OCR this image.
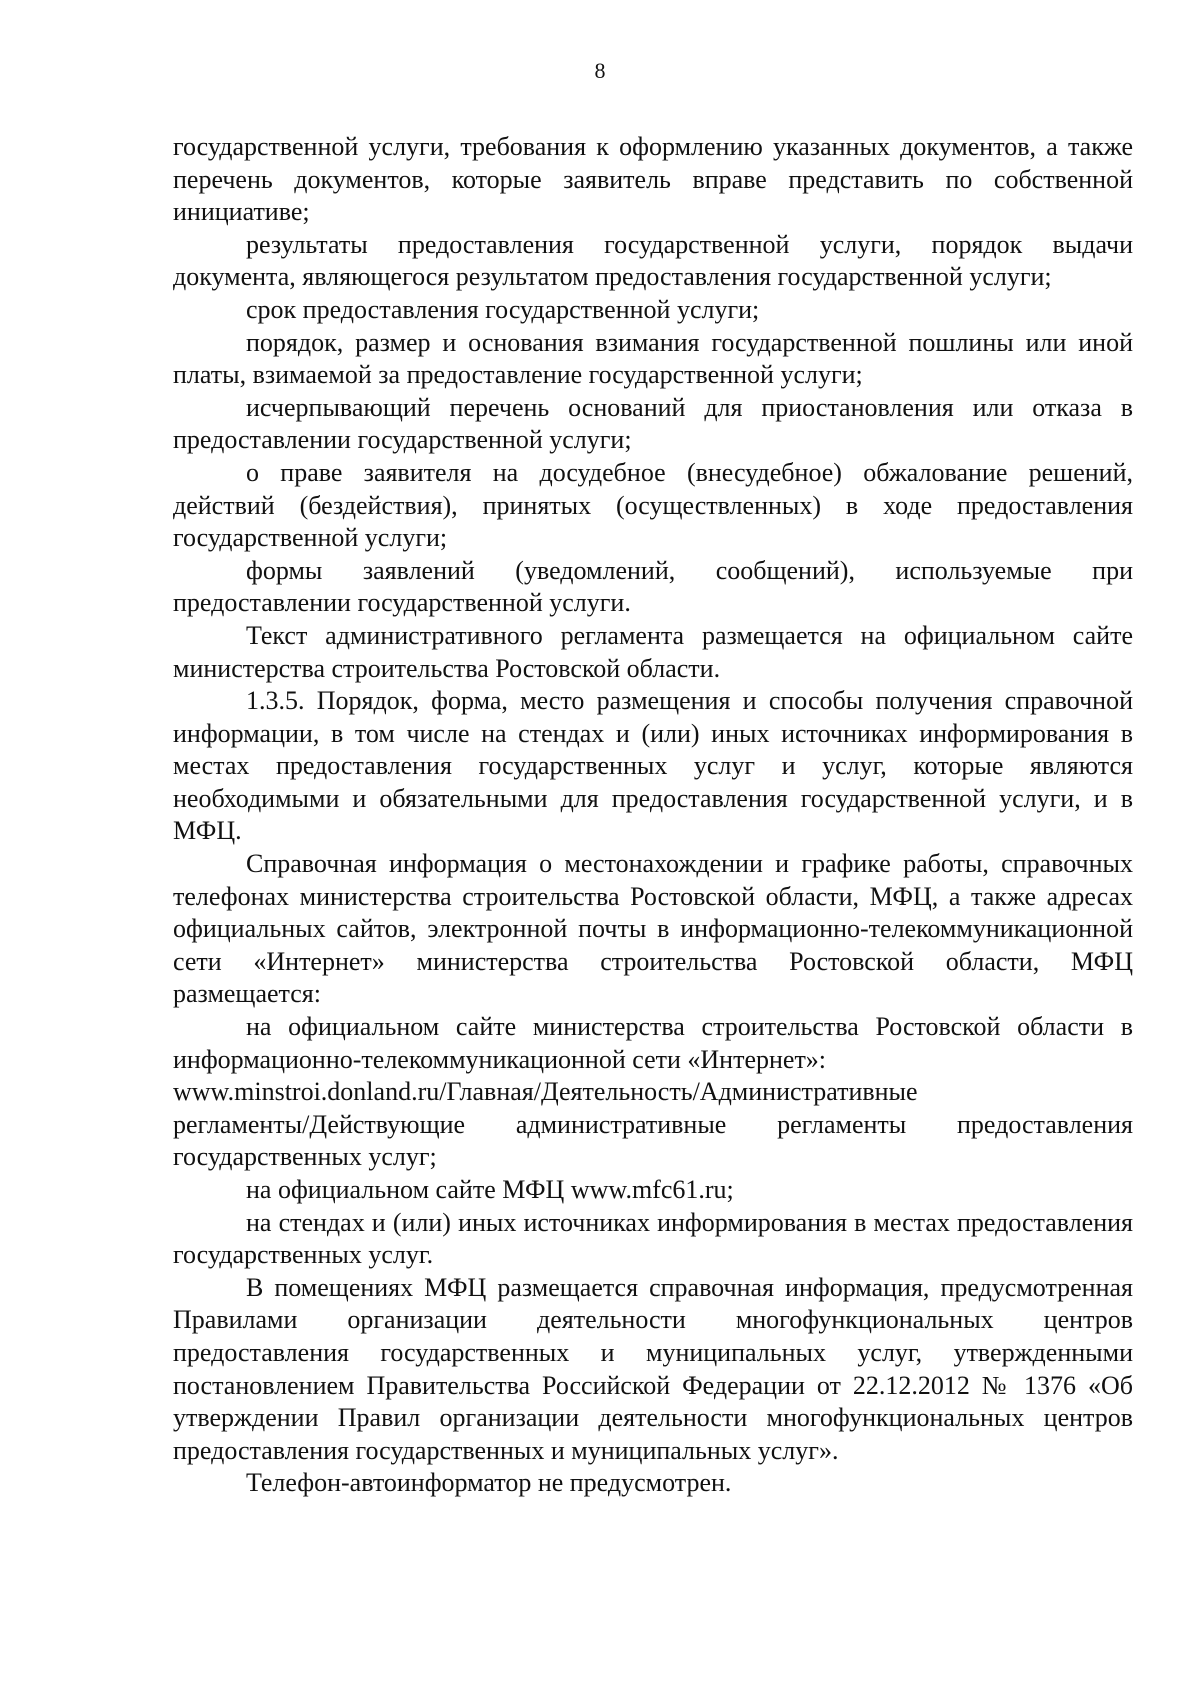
8

государственной услуги, требования к оформлению указанных документов, а также перечень документов, которые заявитель вправе представить по собственной инициативе;

результаты предоставления государственной услуги, порядок выдачи документа, являющегося результатом предоставления государственной услуги;

срок предоставления государственной услуги;

порядок, размер и основания взимания государственной пошлины или иной платы, взимаемой за предоставление государственной услуги;

исчерпывающий перечень оснований для приостановления или отказа в предоставлении государственной услуги;

о праве заявителя на досудебное (внесудебное) обжалование решений, действий (бездействия), принятых (осуществленных) в ходе предоставления государственной услуги;

формы заявлений (уведомлений, сообщений), используемые при предоставлении государственной услуги.

Текст административного регламента размещается на официальном сайте министерства строительства Ростовской области.

1.3.5. Порядок, форма, место размещения и способы получения справочной информации, в том числе на стендах и (или) иных источниках информирования в местах предоставления государственных услуг и услуг, которые являются необходимыми и обязательными для предоставления государственной услуги, и в МФЦ.

Справочная информация о местонахождении и графике работы, справочных телефонах министерства строительства Ростовской области, МФЦ, а также адресах официальных сайтов, электронной почты в информационно-телекоммуникационной сети «Интернет» министерства строительства Ростовской области, МФЦ размещается:

на официальном сайте министерства строительства Ростовской области в информационно-телекоммуникационной сети «Интернет»:

www.minstroi.donland.ru/Главная/Деятельность/Административные

регламенты/Действующие административные регламенты предоставления государственных услуг;

на официальном сайте МФЦ www.mfc61.ru;

на стендах и (или) иных источниках информирования в местах предоставления государственных услуг.

В помещениях МФЦ размещается справочная информация, предусмотренная Правилами организации деятельности многофункциональных центров предоставления государственных и муниципальных услуг, утвержденными постановлением Правительства Российской Федерации от 22.12.2012 № 1376 «Об утверждении Правил организации деятельности многофункциональных центров предоставления государственных и муниципальных услуг».

Телефон-автоинформатор не предусмотрен.
